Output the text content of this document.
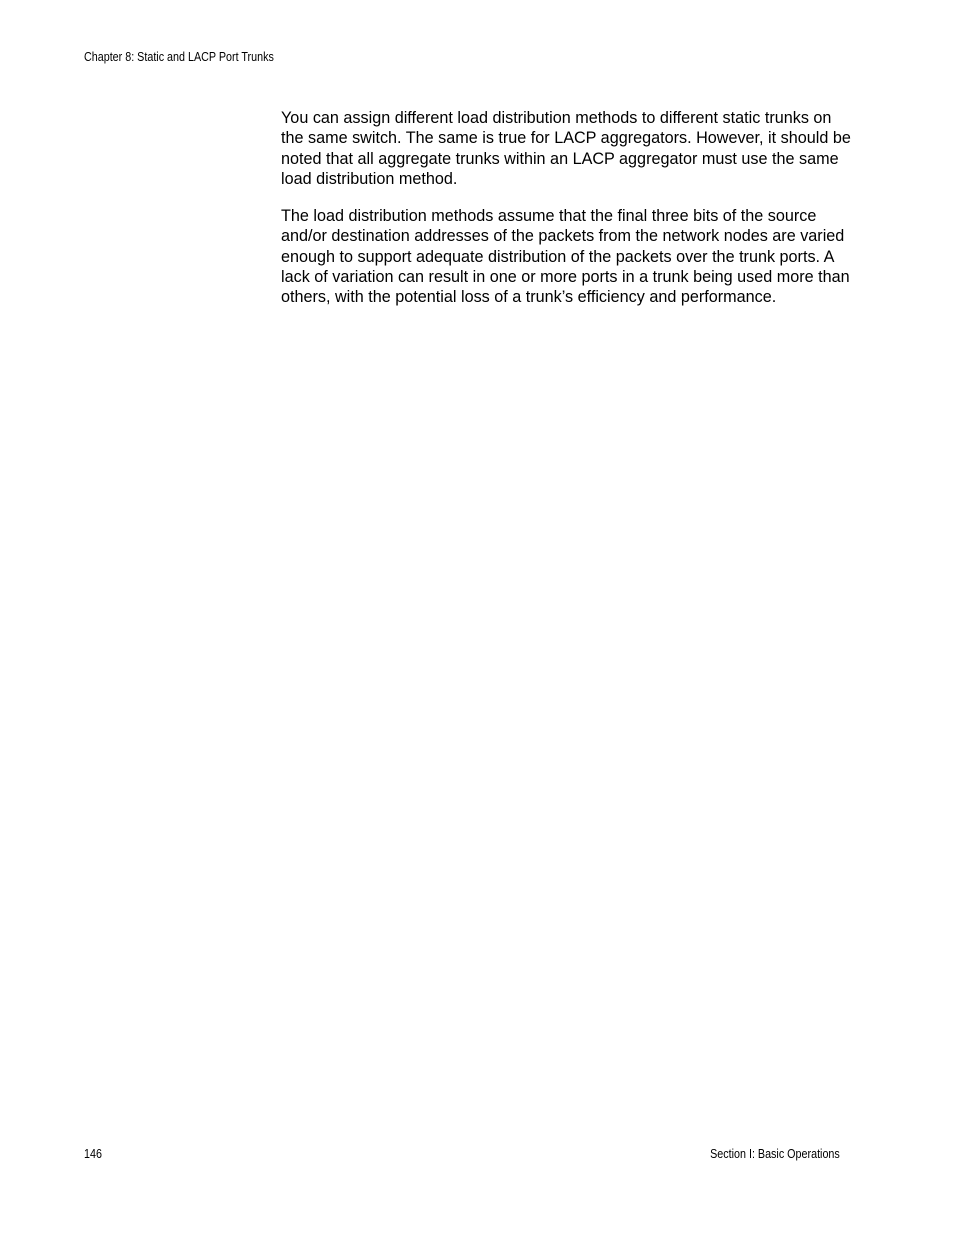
Chapter 8: Static and LACP Port Trunks

You can assign different load distribution methods to different static trunks on the same switch. The same is true for LACP aggregators. However, it should be noted that all aggregate trunks within an LACP aggregator must use the same load distribution method.

The load distribution methods assume that the final three bits of the source and/or destination addresses of the packets from the network nodes are varied enough to support adequate distribution of the packets over the trunk ports. A lack of variation can result in one or more ports in a trunk being used more than others, with the potential loss of a trunk’s efficiency and performance.

146	Section I: Basic Operations
